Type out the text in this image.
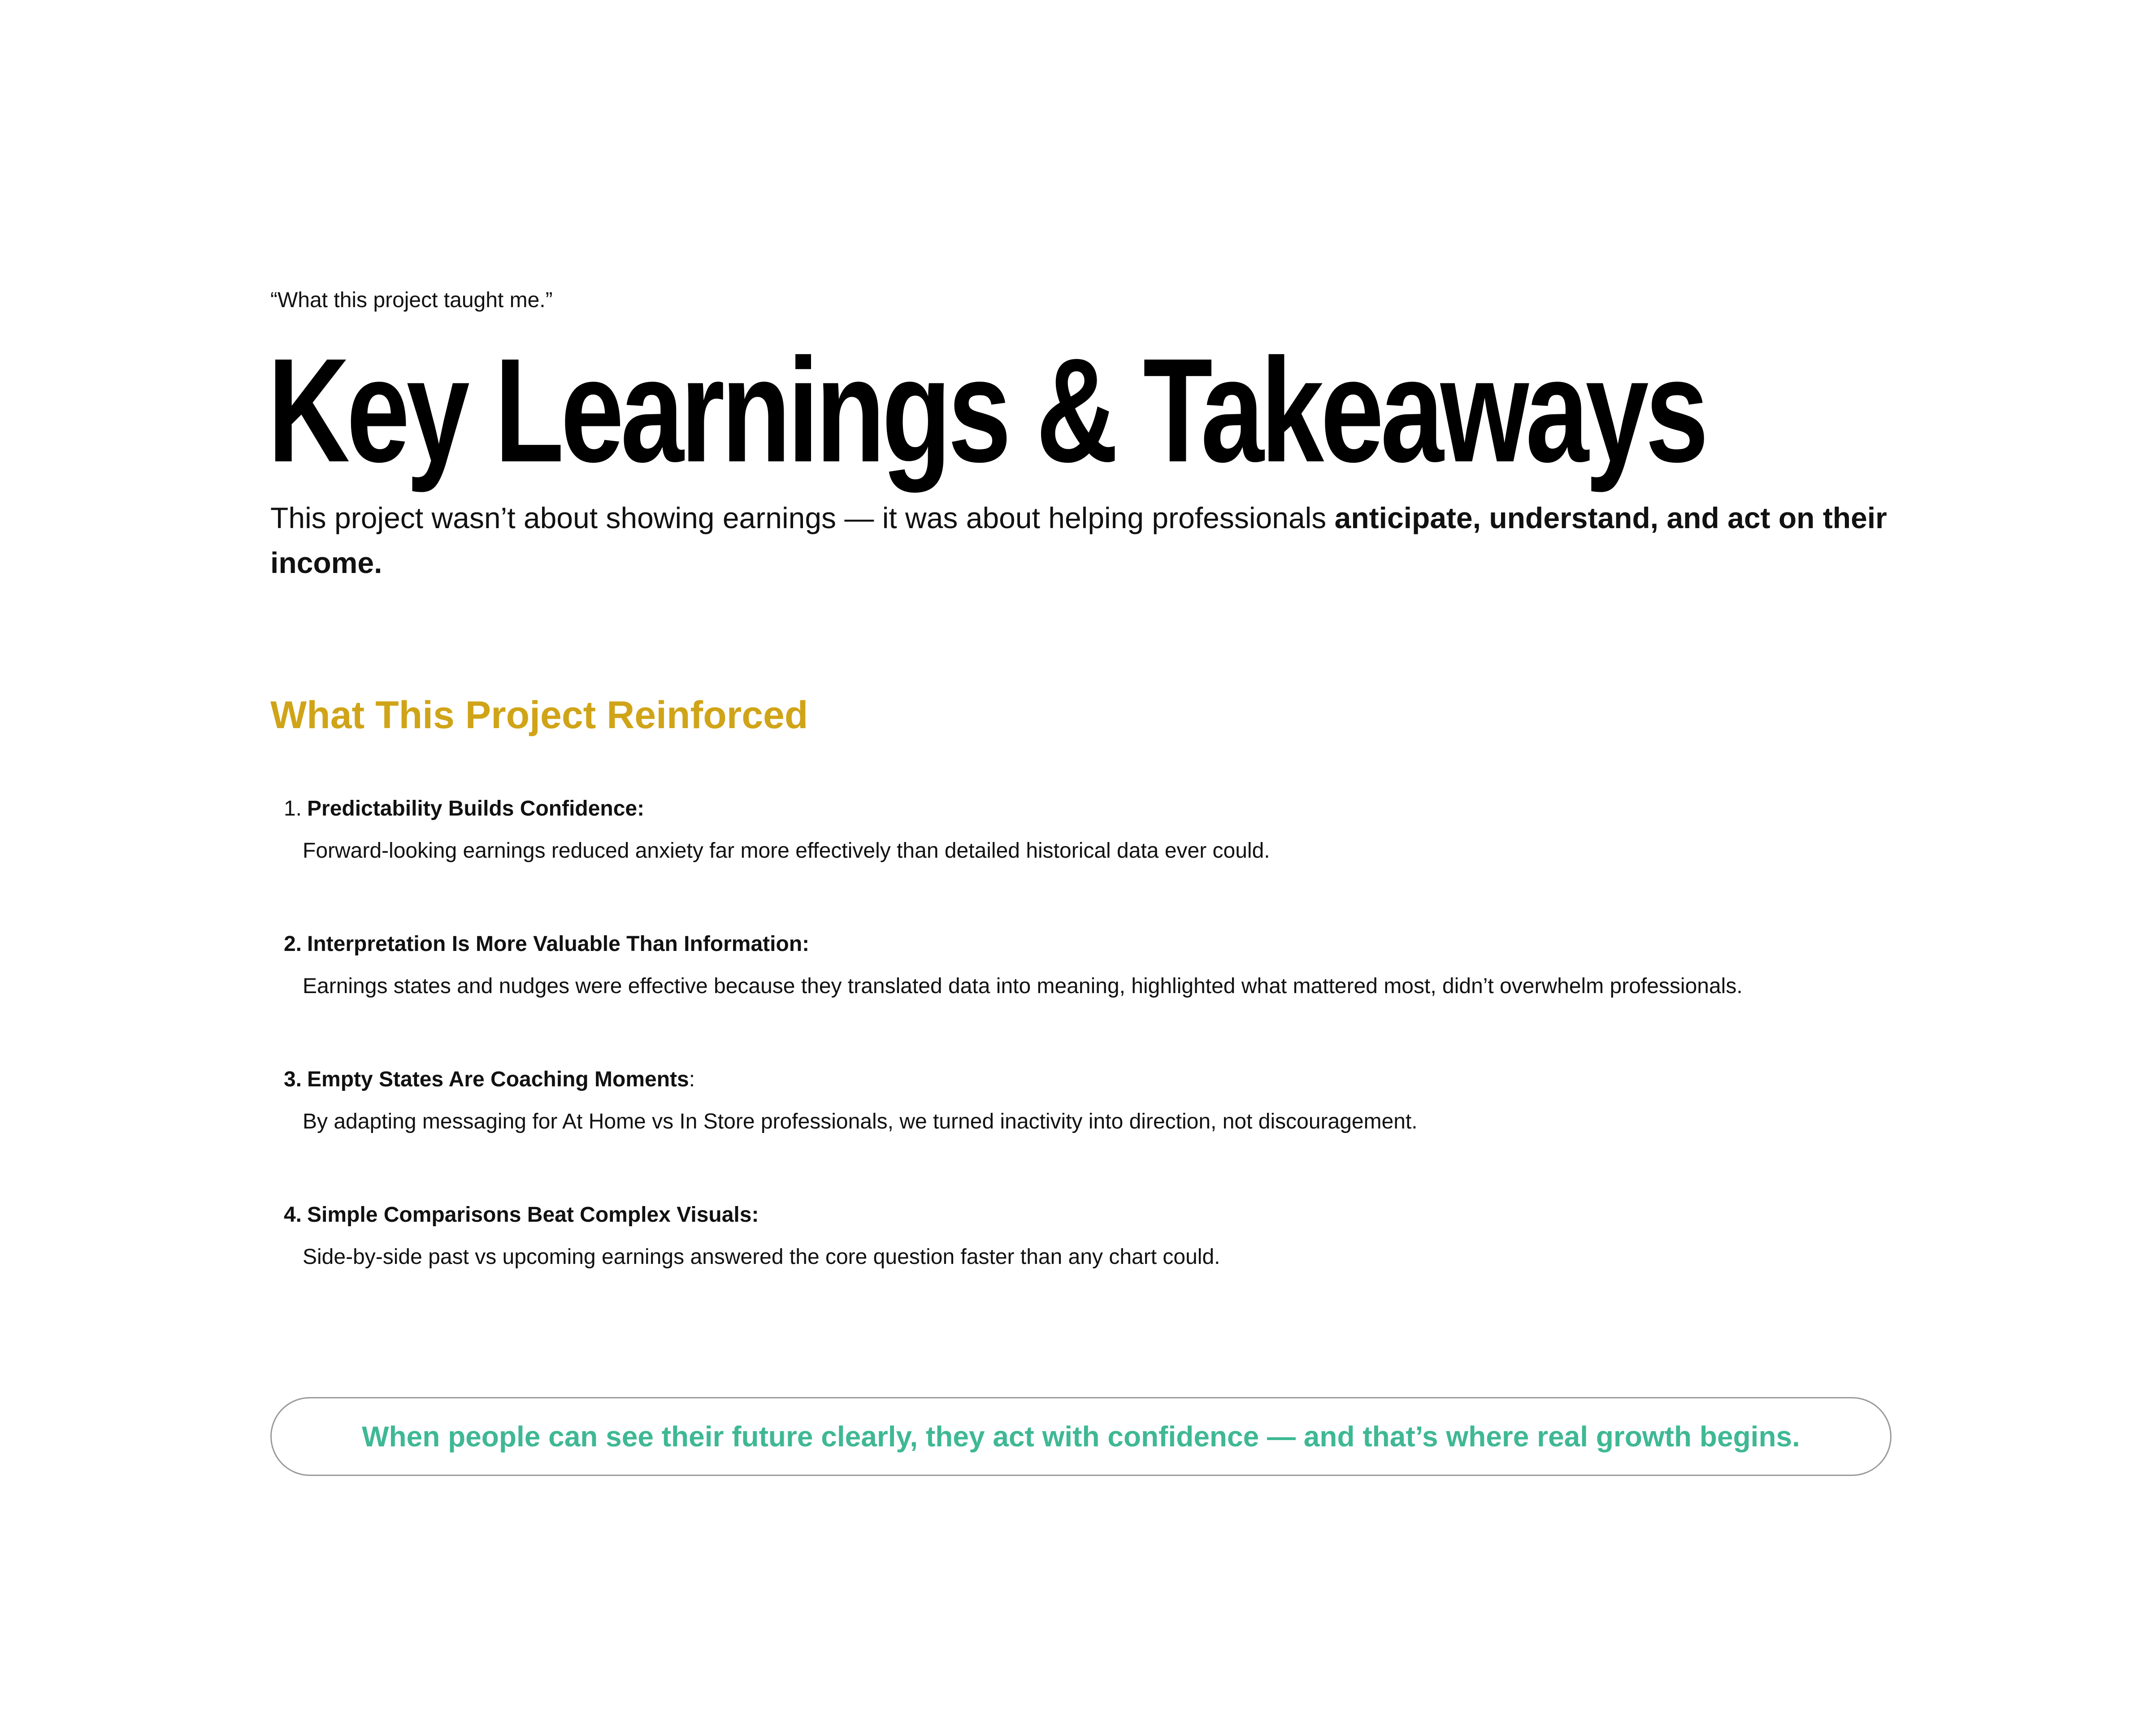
“What this project taught me.”
Key Learnings & Takeaways

This project wasn’t about showing earnings — it was about helping professionals anticipate, understand, and act on their income.

What This Project Reinforced
1. Predictability Builds Confidence :
Forward-looking earnings reduced anxiety far more effectively than detailed historical data ever could.
2. Interpretation Is More Valuable Than Information :
Earnings states and nudges were effective because they translated data into meaning, highlighted what mattered most, didn’t overwhelm professionals.
3. Empty States Are Coaching Moments :
By adapting messaging for At Home vs In Store professionals, we turned inactivity into direction, not discouragement.
4. Simple Comparisons Beat Complex Visuals :
Side-by-side past vs upcoming earnings answered the core question faster than any chart could.
When people can see their future clearly, they act with confidence — and that’s where real growth begins.
